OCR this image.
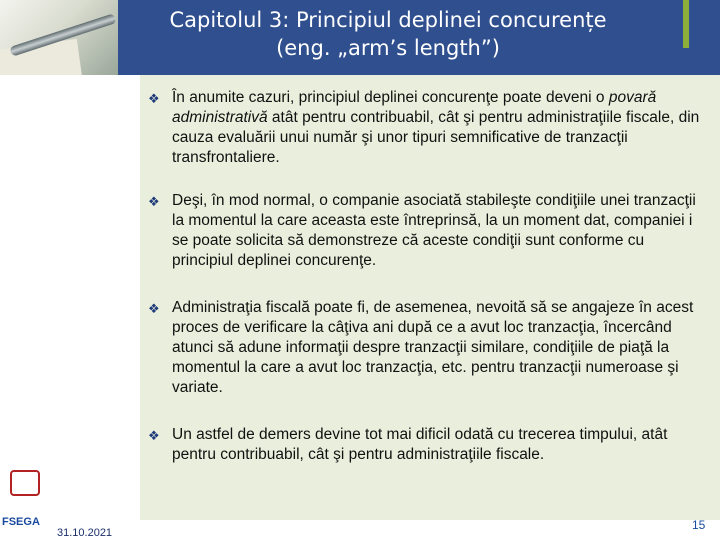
Capitolul 3: Principiul deplinei concurențe
(eng. „arm’s length”)
❖ În anumite cazuri, principiul deplinei concurenţe poate deveni o povară administrativă atât pentru contribuabil, cât şi pentru administraţiile fiscale, din cauza evaluării unui număr şi unor tipuri semnificative de tranzacţii transfrontaliere.
❖ Deşi, în mod normal, o companie asociată stabileşte condiţiile unei tranzacţii la momentul la care aceasta este întreprinsă, la un moment dat, companiei i se poate solicita să demonstreze că aceste condiţii sunt conforme cu principiul deplinei concurenţe.
❖ Administraţia fiscală poate fi, de asemenea, nevoită să se angajeze în acest proces de verificare la câţiva ani după ce a avut loc tranzacţia, încercând atunci să adune informaţii despre tranzacţii similare, condiţiile de piaţă la momentul la care a avut loc tranzacţia, etc. pentru tranzacţii numeroase şi variate.
❖ Un astfel de demers devine tot mai dificil odată cu trecerea timpului, atât pentru contribuabil, cât şi pentru administraţiile fiscale.
FSEGA
31.10.2021
15
